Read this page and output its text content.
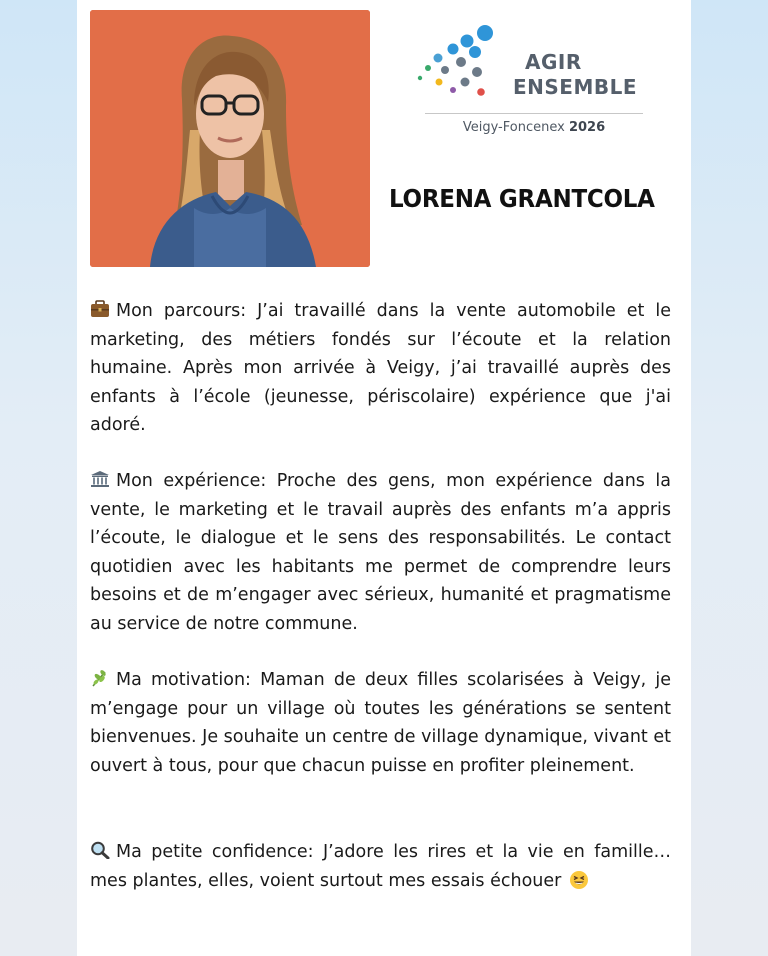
AGIR
ENSEMBLE
Veigy-Foncenex 2026
LORENA GRANTCOLA
Mon parcours: J’ai travaillé dans la vente automobile et le marketing, des métiers fondés sur l’écoute et la relation humaine. Après mon arrivée à Veigy, j’ai travaillé auprès des enfants à l’école (jeunesse, périscolaire) expérience que j'ai adoré.
Mon expérience: Proche des gens, mon expérience dans la vente, le marketing et le travail auprès des enfants m’a appris l’écoute, le dialogue et le sens des responsabilités. Le contact quotidien avec les habitants me permet de comprendre leurs besoins et de m’engager avec sérieux, humanité et pragmatisme au service de notre commune.
Ma motivation: Maman de deux filles scolarisées à Veigy, je m’engage pour un village où toutes les générations se sentent bienvenues. Je souhaite un centre de village dynamique, vivant et ouvert à tous, pour que chacun puisse en profiter pleinement.
Ma petite confidence: J’adore les rires et la vie en famille… mes plantes, elles, voient surtout mes essais échouer
